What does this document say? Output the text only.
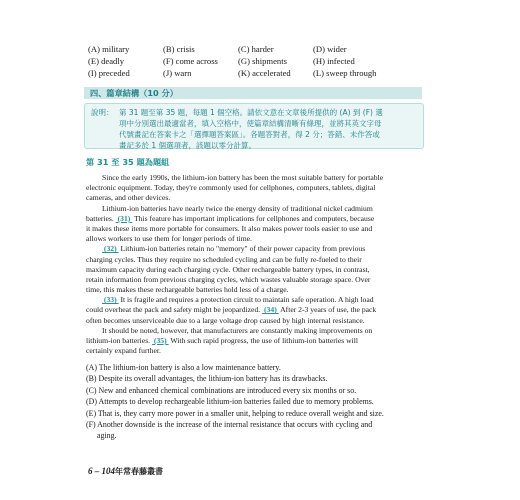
(A) military	(B) crisis	(C) harder	(D) wider
(E) deadly	(F) come across	(G) shipments	(H) infected
(I) preceded	(J) warn	(K) accelerated	(L) sweep through
四、篇章結構（10 分）
說明： 第 31 題至第 35 題，每題 1 個空格。請依文意在文章後所提供的 (A) 到 (F) 選
項中分別選出最適當者，填入空格中，使篇章結構清晰有條理，並將其英文字母
代號畫記在答案卡之「選擇題答案區」。各題答對者，得 2 分；答錯、未作答或
畫記多於 1 個選項者，該題以零分計算。
第 31 至 35 題為題組
Since the early 1990s, the lithium-ion battery has been the most suitable battery for portable
electronic equipment. Today, they're commonly used for cellphones, computers, tablets, digital
cameras, and other devices.
Lithium-ion batteries have nearly twice the energy density of traditional nickel cadmium
batteries.  (31)  This feature has important implications for cellphones and computers, because
it makes these items more portable for consumers. It also makes power tools easier to use and
allows workers to use them for longer periods of time.
(32)  Lithium-ion batteries retain no "memory" of their power capacity from previous
charging cycles. Thus they require no scheduled cycling and can be fully re-fueled to their
maximum capacity during each charging cycle. Other rechargeable battery types, in contrast,
retain information from previous charging cycles, which wastes valuable storage space. Over
time, this makes these rechargeable batteries hold less of a charge.
(33)  It is fragile and requires a protection circuit to maintain safe operation. A high load
could overheat the pack and safety might be jeopardized.  (34)  After 2-3 years of use, the pack
often becomes unserviceable due to a large voltage drop caused by high internal resistance.
It should be noted, however, that manufacturers are constantly making improvements on
lithium-ion batteries.  (35)  With such rapid progress, the use of lithium-ion batteries will
certainly expand further.
(A) The lithium-ion battery is also a low maintenance battery.
(B) Despite its overall advantages, the lithium-ion battery has its drawbacks.
(C) New and enhanced chemical combinations are introduced every six months or so.
(D) Attempts to develop rechargeable lithium-ion batteries failed due to memory problems.
(E) That is, they carry more power in a smaller unit, helping to reduce overall weight and size.
(F) Another downside is the increase of the internal resistance that occurs with cycling and
aging.
6 – 104年常春藤叢書
